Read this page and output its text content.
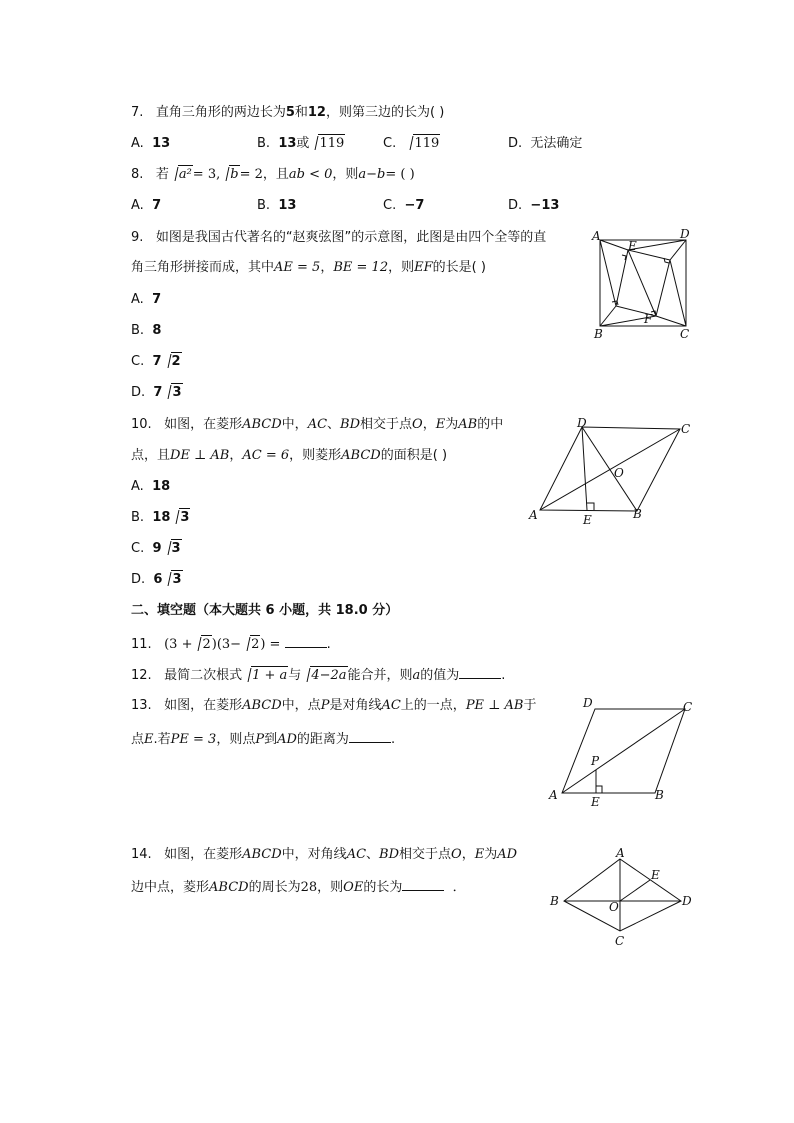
7. 直角三角形的两边长为5和12，则第三边的长为( )
A. 13	B. 13或 119	C. 119	D. 无法确定
8. 若 a²= 3, b= 2，且ab < 0，则a−b= ( )
A. 7	B. 13	C. −7	D. −13
9. 如图是我国古代著名的“赵爽弦图”的示意图，此图是由四个全等的直
角三角形拼接而成，其中AE = 5，BE = 12，则EF的长是( )
A. 7
B. 8
C. 7 2
D. 7 3
A	D
E
B
F
C
10. 如图，在菱形ABCD中，AC、BD相交于点O，E为AB的中
点，且DE ⊥ AB，AC = 6，则菱形ABCD的面积是( )
A. 18
B. 18 3
C. 9 3
D. 6 3
D	C
O
A	E	B
二、填空题（本大题共 6 小题，共 18.0 分）
11. (3 + 2)(3− 2) =	.
12. 最简二次根式 1 + a与 4−2a能合并，则a的值为	.
13. 如图，在菱形ABCD中，点P是对角线AC上的一点，PE ⊥ AB于
点E.若PE = 3，则点P到AD的距离为	.
D	C
P
A	E	B
14. 如图，在菱形ABCD中，对角线AC、BD相交于点O，E为AD
边中点，菱形ABCD的周长为28，则OE的长为	．
A
E
B	O	D
C
